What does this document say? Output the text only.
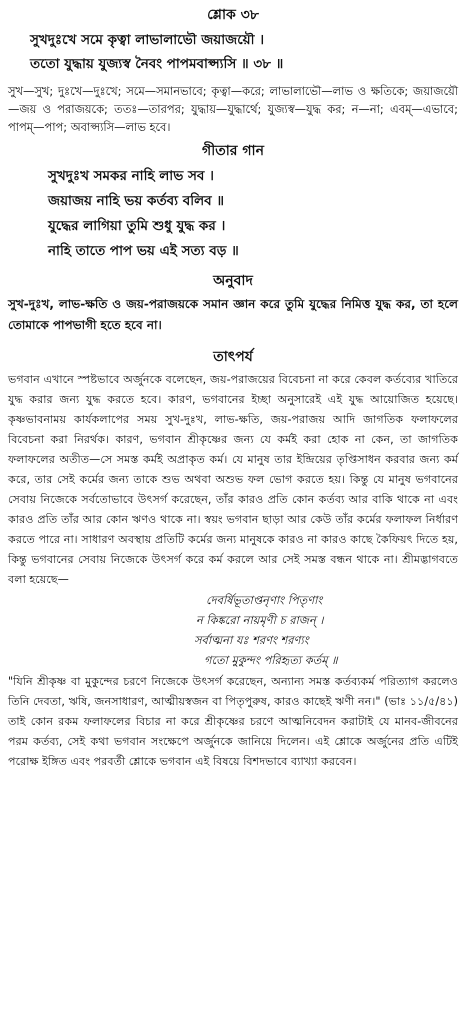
শ্লোক ৩৮
সুখদুঃখে সমে কৃত্বা লাভালাভৌ জয়াজয়ৌ ।
ততো যুদ্ধায় যুজ্যস্ব নৈবং পাপমবাপ্স্যসি ॥ ৩৮ ॥
সুখ—সুখ; দুঃখে—দুঃখে; সমে—সমানভাবে; কৃত্বা—করে; লাভালাভৌ—লাভ ও ক্ষতিকে; জয়াজয়ৌ—জয় ও পরাজয়কে; ততঃ—তারপর; যুদ্ধায়—যুদ্ধার্থে; যুজ্যস্ব—যুদ্ধ কর; ন—না; এবম্—এভাবে; পাপম্—পাপ; অবাপ্স্যসি—লাভ হবে।
গীতার গান
সুখদুঃখ সমকর নাহি লাভ সব ।
জয়াজয় নাহি ভয় কর্তব্য বলিব ॥
যুদ্ধের লাগিয়া তুমি শুধু যুদ্ধ কর ।
নাহি তাতে পাপ ভয় এই সত্য বড় ॥
অনুবাদ
সুখ-দুঃখ, লাভ-ক্ষতি ও জয়-পরাজয়কে সমান জ্ঞান করে তুমি যুদ্ধের নিমিত্ত যুদ্ধ কর, তা হলে তোমাকে পাপভাগী হতে হবে না।
তাৎপর্য
ভগবান এখানে স্পষ্টভাবে অর্জুনকে বলেছেন, জয়-পরাজয়ের বিবেচনা না করে কেবল কর্তব্যের খাতিরে যুদ্ধ করার জন্য যুদ্ধ করতে হবে। কারণ, ভগবানের ইচ্ছা অনুসারেই এই যুদ্ধ আয়োজিত হয়েছে। কৃষ্ণভাবনাময় কার্যকলাপের সময় সুখ-দুঃখ, লাভ-ক্ষতি, জয়-পরাজয় আদি জাগতিক ফলাফলের বিবেচনা করা নিরর্থক। কারণ, ভগবান শ্রীকৃষ্ণের জন্য যে কর্মই করা হোক না কেন, তা জাগতিক ফলাফলের অতীত—সে সমস্ত কর্মই অপ্রাকৃত কর্ম। যে মানুষ তার ইন্দ্রিয়ের তৃপ্তিসাধন করবার জন্য কর্ম করে, তার সেই কর্মের জন্য তাকে শুভ অথবা অশুভ ফল ভোগ করতে হয়। কিন্তু যে মানুষ ভগবানের সেবায় নিজেকে সর্বতোভাবে উৎসর্গ করেছেন, তাঁর কারও প্রতি কোন কর্তব্য আর বাকি থাকে না এবং কারও প্রতি তাঁর আর কোন ঋণও থাকে না। স্বয়ং ভগবান ছাড়া আর কেউ তাঁর কর্মের ফলাফল নির্ধারণ করতে পারে না। সাধারণ অবস্থায় প্রতিটি কর্মের জন্য মানুষকে কারও না কারও কাছে কৈফিয়ৎ দিতে হয়, কিন্তু ভগবানের সেবায় নিজেকে উৎসর্গ করে কর্ম করলে আর সেই সমস্ত বন্ধন থাকে না। শ্রীমদ্ভাগবতে বলা হয়েছে—
দেবর্ষিভূতাপ্তনৃণাং পিতৃণাং
ন কিঙ্করো নায়মৃণী চ রাজন্ ।
সর্বাত্মনা যঃ শরণং শরণ্যং
গতো মুকুন্দং পরিহৃত্য কর্তম্ ॥
"যিনি শ্রীকৃষ্ণ বা মুকুন্দের চরণে নিজেকে উৎসর্গ করেছেন, অন্যান্য সমস্ত কর্তব্যকর্ম পরিত্যাগ করলেও তিনি দেবতা, ঋষি, জনসাধারণ, আত্মীয়স্বজন বা পিতৃপুরুষ, কারও কাছেই ঋণী নন।" (ভাঃ ১১/৫/৪১) তাই কোন রকম ফলাফলের বিচার না করে শ্রীকৃষ্ণের চরণে আত্মনিবেদন করাটাই যে মানব-জীবনের পরম কর্তব্য, সেই কথা ভগবান সংক্ষেপে অর্জুনকে জানিয়ে দিলেন। এই শ্লোকে অর্জুনের প্রতি এটিই পরোক্ষ ইঙ্গিত এবং পরবর্তী শ্লোকে ভগবান এই বিষয়ে বিশদভাবে ব্যাখ্যা করবেন।
